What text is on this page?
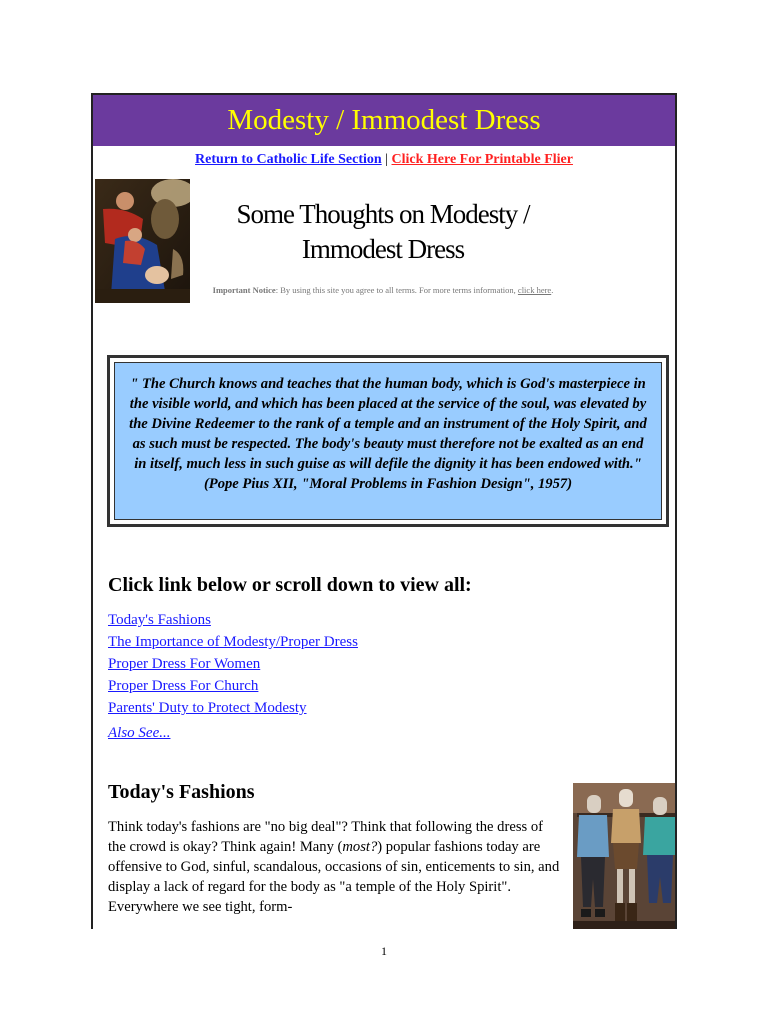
Modesty / Immodest Dress
Return to Catholic Life Section | Click Here For Printable Flier
Some Thoughts on Modesty /
Immodest Dress
Important Notice: By using this site you agree to all terms. For more terms information, click here.
" The Church knows and teaches that the human body, which is God's masterpiece in the visible world, and which has been placed at the service of the soul, was elevated by the Divine Redeemer to the rank of a temple and an instrument of the Holy Spirit, and as such must be respected. The body's beauty must therefore not be exalted as an end in itself, much less in such guise as will defile the dignity it has been endowed with." (Pope Pius XII, "Moral Problems in Fashion Design", 1957)
Click link below or scroll down to view all:
Today's Fashions
The Importance of Modesty/Proper Dress
Proper Dress For Women
Proper Dress For Church
Parents' Duty to Protect Modesty
Also See...
Today's Fashions
Think today's fashions are "no big deal"? Think that following the dress of the crowd is okay? Think again! Many (most?) popular fashions today are offensive to God, sinful, scandalous, occasions of sin, enticements to sin, and display a lack of regard for the body as "a temple of the Holy Spirit". Everywhere we see tight, form-
1
